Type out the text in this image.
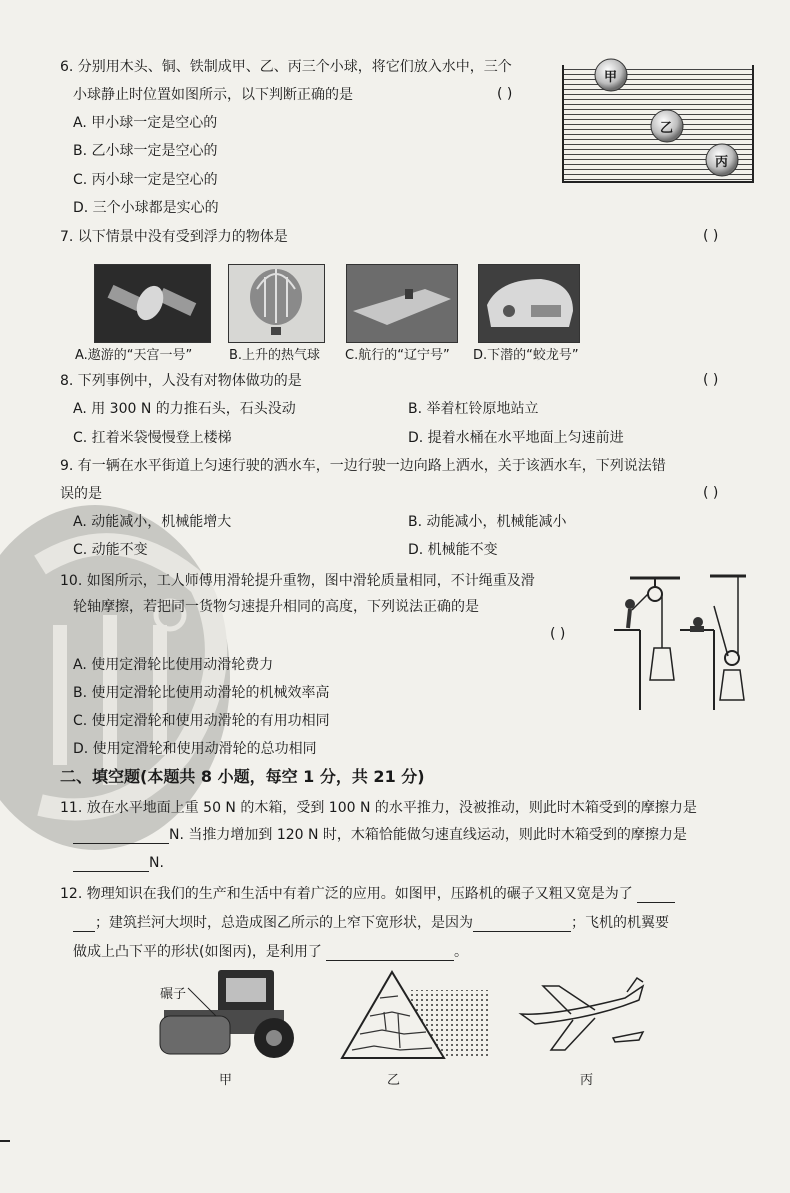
6. 分别用木头、铜、铁制成甲、乙、丙三个小球，将它们放入水中，三个
小球静止时位置如图所示，以下判断正确的是	( )
A. 甲小球一定是空心的
B. 乙小球一定是空心的
C. 丙小球一定是空心的
D. 三个小球都是实心的
甲
乙
丙
7. 以下情景中没有受到浮力的物体是	( )
A.遨游的“天宫一号”	B.上升的热气球 C.航行的“辽宁号” D.下潜的“蛟龙号”
8. 下列事例中，人没有对物体做功的是	( )
A. 用 300 N 的力推石头，石头没动	B. 举着杠铃原地站立
C. 扛着米袋慢慢登上楼梯	D. 提着水桶在水平地面上匀速前进
9. 有一辆在水平街道上匀速行驶的洒水车，一边行驶一边向路上洒水，关于该洒水车，下列说法错
误的是	( )
A. 动能减小，机械能增大	B. 动能减小，机械能减小
C. 动能不变	D. 机械能不变
10. 如图所示，工人师傅用滑轮提升重物，图中滑轮质量相同，不计绳重及滑
轮轴摩擦，若把同一货物匀速提升相同的高度，下列说法正确的是
( )
A. 使用定滑轮比使用动滑轮费力
B. 使用定滑轮比使用动滑轮的机械效率高
C. 使用定滑轮和使用动滑轮的有用功相同
D. 使用定滑轮和使用动滑轮的总功相同
二、填空题(本题共 8 小题，每空 1 分，共 21 分)
11. 放在水平地面上重 50 N 的木箱，受到 100 N 的水平推力，没被推动，则此时木箱受到的摩擦力是
N. 当推力增加到 120 N 时，木箱恰能做匀速直线运动，则此时木箱受到的摩擦力是
N.
12. 物理知识在我们的生产和生活中有着广泛的应用。如图甲，压路机的碾子又粗又宽是为了
；建筑拦河大坝时，总造成图乙所示的上窄下宽形状，是因为	；飞机的机翼要
做成上凸下平的形状(如图丙)，是利用了	。
碾子
甲	乙	丙
